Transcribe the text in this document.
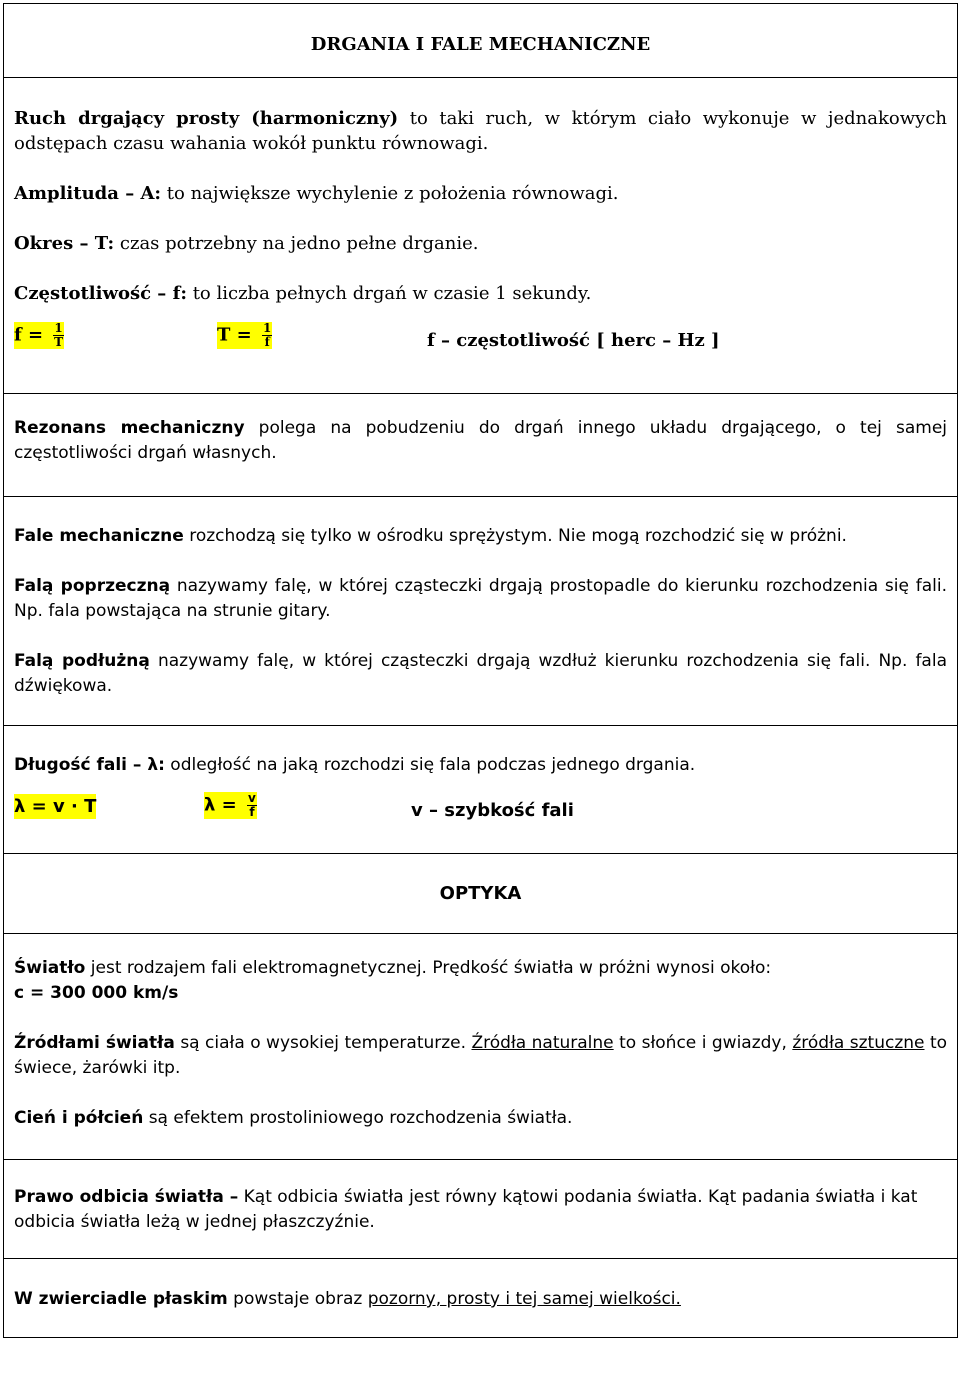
DRGANIA I FALE MECHANICZNE

Ruch drgający prosty (harmoniczny) to taki ruch, w którym ciało wykonuje w jednakowych odstępach czasu wahania wokół punktu równowagi.

Amplituda – A: to największe wychylenie z położenia równowagi.

Okres – T: czas potrzebny na jedno pełne drganie.

Częstotliwość – f: to liczba pełnych drgań w czasie 1 sekundy.

$f = \frac{1}{T}$	$T = \frac{1}{f}$	f – częstotliwość [ herc – Hz ]

Rezonans mechaniczny polega na pobudzeniu do drgań innego układu drgającego, o tej samej częstotliwości drgań własnych.

Fale mechaniczne rozchodzą się tylko w ośrodku sprężystym. Nie mogą rozchodzić się w próżni.

Falą poprzeczną nazywamy falę, w której cząsteczki drgają prostopadle do kierunku rozchodzenia się fali. Np. fala powstająca na strunie gitary.

Falą podłużną nazywamy falę, w której cząsteczki drgają wzdłuż kierunku rozchodzenia się fali. Np. fala dźwiękowa.

Długość fali – λ: odległość na jaką rozchodzi się fala podczas jednego drgania.

λ = v · T	$\lambda = \frac{v}{f}$	v – szybkość fali

OPTYKA

Światło jest rodzajem fali elektromagnetycznej. Prędkość światła w próżni wynosi około:

c = 300 000 km/s

Źródłami światła są ciała o wysokiej temperaturze. Źródła naturalne to słońce i gwiazdy, źródła sztuczne to świece, żarówki itp.

Cień i półcień są efektem prostoliniowego rozchodzenia światła.

Prawo odbicia światła – Kąt odbicia światła jest równy kątowi podania światła. Kąt padania światła i kat odbicia światła leżą w jednej płaszczyźnie.

W zwierciadle płaskim powstaje obraz pozorny, prosty i tej samej wielkości.
